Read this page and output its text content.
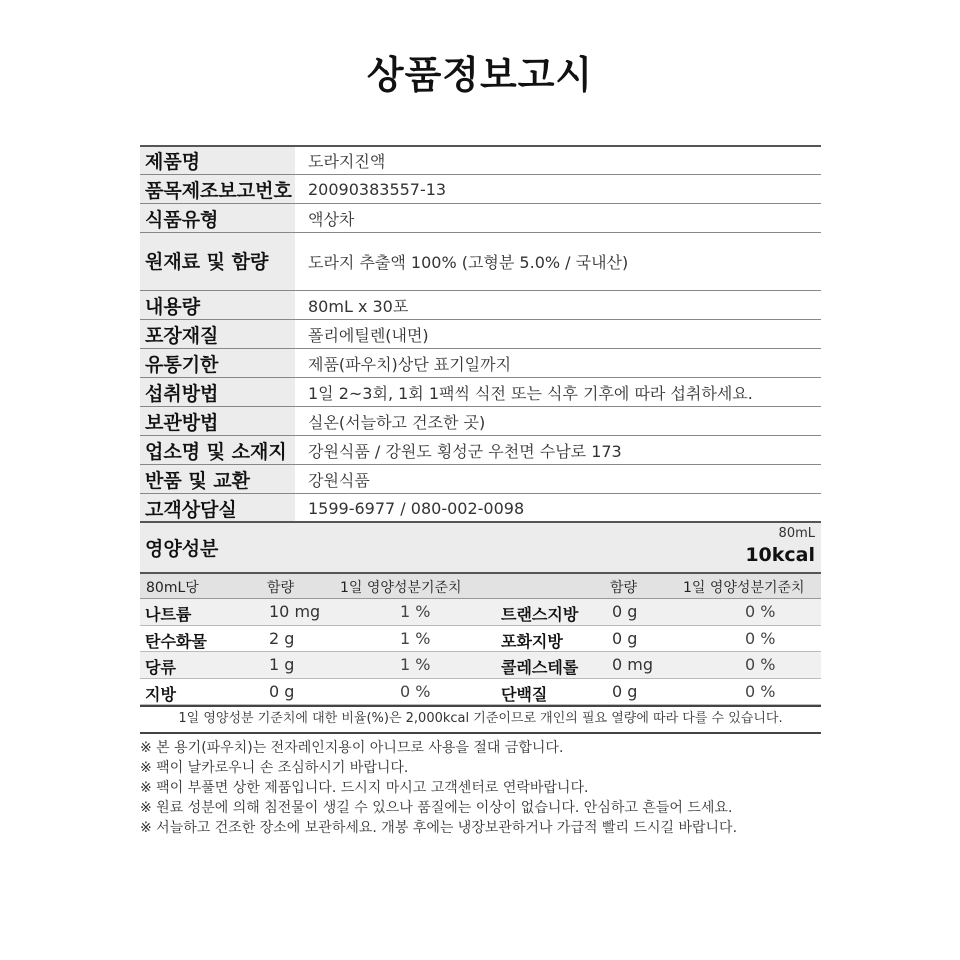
상품정보고시
제품명	도라지진액
품목제조보고번호	20090383557-13
식품유형	액상차
원재료 및 함량	도라지 추출액 100% (고형분 5.0% / 국내산)
내용량	80mL x 30포
포장재질	폴리에틸렌(내면)
유통기한	제품(파우치)상단 표기일까지
섭취방법	1일 2~3회, 1회 1팩씩 식전 또는 식후 기후에 따라 섭취하세요.
보관방법	실온(서늘하고 건조한 곳)
업소명 및 소재지	강원식품 / 강원도 횡성군 우천면 수남로 173
반품 및 교환	강원식품
고객상담실	1599-6977 / 080-002-0098
영양성분
80mL
10kcal
80mL당	함량	1일 영양성분기준치	함량	1일 영양성분기준치
나트륨	10 mg	1 %	트랜스지방 0 g	0 %
탄수화물	2 g	1 %	포화지방	0 g	0 %
당류	1 g	1 %	콜레스테롤 0 mg	0 %
지방	0 g	0 %	단백질	0 g	0 %
1일 영양성분 기준치에 대한 비율(%)은 2,000kcal 기준이므로 개인의 필요 열량에 따라 다를 수 있습니다.
※ 본 용기(파우치)는 전자레인지용이 아니므로 사용을 절대 금합니다.
※ 팩이 날카로우니 손 조심하시기 바랍니다.
※ 팩이 부풀면 상한 제품입니다. 드시지 마시고 고객센터로 연락바랍니다.
※ 원료 성분에 의해 침전물이 생길 수 있으나 품질에는 이상이 없습니다. 안심하고 흔들어 드세요.
※ 서늘하고 건조한 장소에 보관하세요. 개봉 후에는 냉장보관하거나 가급적 빨리 드시길 바랍니다.
